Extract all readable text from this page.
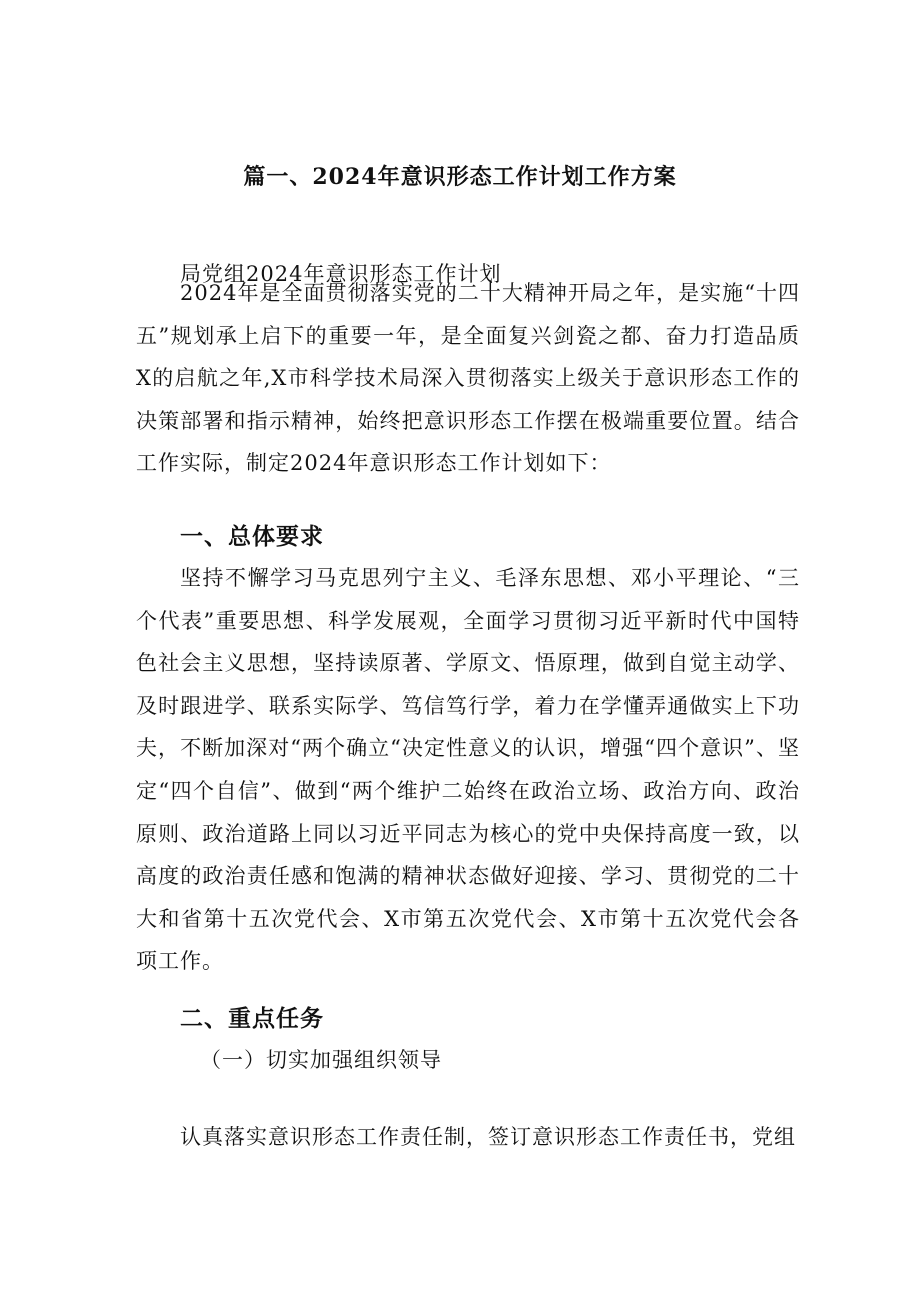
篇一、2024年意识形态工作计划工作方案
局党组2024年意识形态工作计划

2024年是全面贯彻落实党的二十大精神开局之年，是实施“十四五”规划承上启下的重要一年，是全面复兴剑瓷之都、奋力打造品质X的启航之年,X市科学技术局深入贯彻落实上级关于意识形态工作的决策部署和指示精神，始终把意识形态工作摆在极端重要位置。结合工作实际，制定2024年意识形态工作计划如下：

一、总体要求

坚持不懈学习马克思列宁主义、毛泽东思想、邓小平理论、“三个代表”重要思想、科学发展观，全面学习贯彻习近平新时代中国特色社会主义思想，坚持读原著、学原文、悟原理，做到自觉主动学、及时跟进学、联系实际学、笃信笃行学，着力在学懂弄通做实上下功夫，不断加深对“两个确立“决定性意义的认识，增强“四个意识”、坚定“四个自信”、做到“两个维护二始终在政治立场、政治方向、政治原则、政治道路上同以习近平同志为核心的党中央保持高度一致，以高度的政治责任感和饱满的精神状态做好迎接、学习、贯彻党的二十大和省第十五次党代会、X市第五次党代会、X市第十五次党代会各项工作。

二、重点任务
（一）切实加强组织领导

认真落实意识形态工作责任制，签订意识形态工作责任书，党组
